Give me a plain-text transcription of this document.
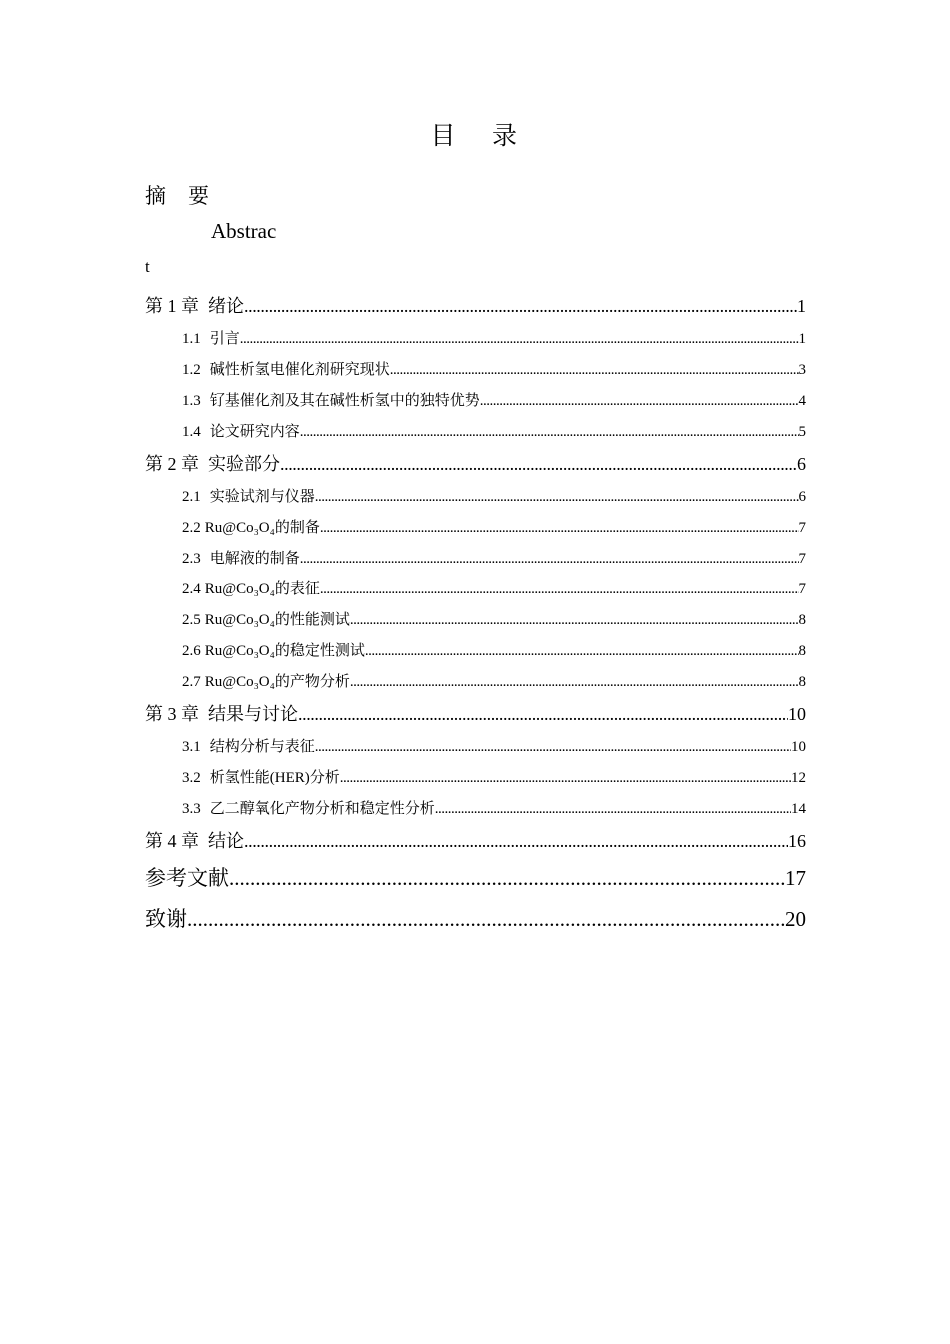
目 录
摘 要
Abstrac
t
第 1 章 绪论 .....	1
1.1 引言 .....	1
1.2 碱性析氢电催化剂研究现状 .....	3
1.3 钌基催化剂及其在碱性析氢中的独特优势 .....	4
1.4 论文研究内容 .....	5
第 2 章 实验部分 .....	6
2.1 实验试剂与仪器 .....	6
2.2 Ru@Co₃O₄的制备 .....	7
2.3 电解液的制备 .....	7
2.4 Ru@Co₃O₄的表征 .....	7
2.5 Ru@Co₃O₄的性能测试 .....	8
2.6 Ru@Co₃O₄的稳定性测试 .....	8
2.7 Ru@Co₃O₄的产物分析 .....	8
第 3 章 结果与讨论 .....	10
3.1 结构分析与表征 .....	10
3.2 析氢性能(HER)分析 .....	12
3.3 乙二醇氧化产物分析和稳定性分析 .....	14
第 4 章 结论 .....	16
参考文献 .....	17
致谢 .....	20
